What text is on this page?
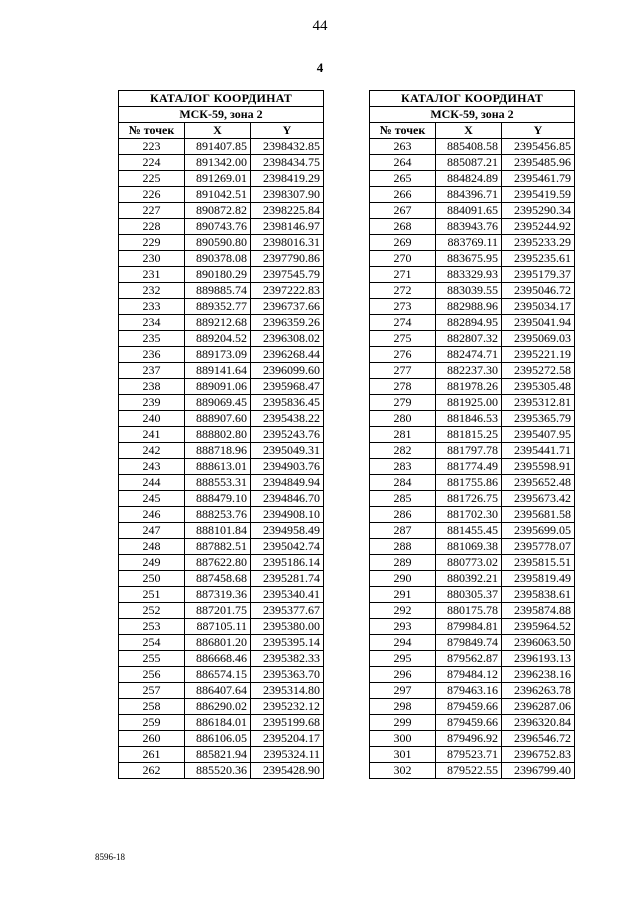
44
4
КАТАЛОГ КООРДИНАТ		
МСК-59, зона 2		
№ точек	X	Y
223	891407.85	2398432.85
224	891342.00	2398434.75
225	891269.01	2398419.29
226	891042.51	2398307.90
227	890872.82	2398225.84
228	890743.76	2398146.97
229	890590.80	2398016.31
230	890378.08	2397790.86
231	890180.29	2397545.79
232	889885.74	2397222.83
233	889352.77	2396737.66
234	889212.68	2396359.26
235	889204.52	2396308.02
236	889173.09	2396268.44
237	889141.64	2396099.60
238	889091.06	2395968.47
239	889069.45	2395836.45
240	888907.60	2395438.22
241	888802.80	2395243.76
242	888718.96	2395049.31
243	888613.01	2394903.76
244	888553.31	2394849.94
245	888479.10	2394846.70
246	888253.76	2394908.10
247	888101.84	2394958.49
248	887882.51	2395042.74
249	887622.80	2395186.14
250	887458.68	2395281.74
251	887319.36	2395340.41
252	887201.75	2395377.67
253	887105.11	2395380.00
254	886801.20	2395395.14
255	886668.46	2395382.33
256	886574.15	2395363.70
257	886407.64	2395314.80
258	886290.02	2395232.12
259	886184.01	2395199.68
260	886106.05	2395204.17
261	885821.94	2395324.11
262	885520.36	2395428.90
КАТАЛОГ КООРДИНАТ		
МСК-59, зона 2		
№ точек	X	Y
263	885408.58	2395456.85
264	885087.21	2395485.96
265	884824.89	2395461.79
266	884396.71	2395419.59
267	884091.65	2395290.34
268	883943.76	2395244.92
269	883769.11	2395233.29
270	883675.95	2395235.61
271	883329.93	2395179.37
272	883039.55	2395046.72
273	882988.96	2395034.17
274	882894.95	2395041.94
275	882807.32	2395069.03
276	882474.71	2395221.19
277	882237.30	2395272.58
278	881978.26	2395305.48
279	881925.00	2395312.81
280	881846.53	2395365.79
281	881815.25	2395407.95
282	881797.78	2395441.71
283	881774.49	2395598.91
284	881755.86	2395652.48
285	881726.75	2395673.42
286	881702.30	2395681.58
287	881455.45	2395699.05
288	881069.38	2395778.07
289	880773.02	2395815.51
290	880392.21	2395819.49
291	880305.37	2395838.61
292	880175.78	2395874.88
293	879984.81	2395964.52
294	879849.74	2396063.50
295	879562.87	2396193.13
296	879484.12	2396238.16
297	879463.16	2396263.78
298	879459.66	2396287.06
299	879459.66	2396320.84
300	879496.92	2396546.72
301	879523.71	2396752.83
302	879522.55	2396799.40
8596-18
